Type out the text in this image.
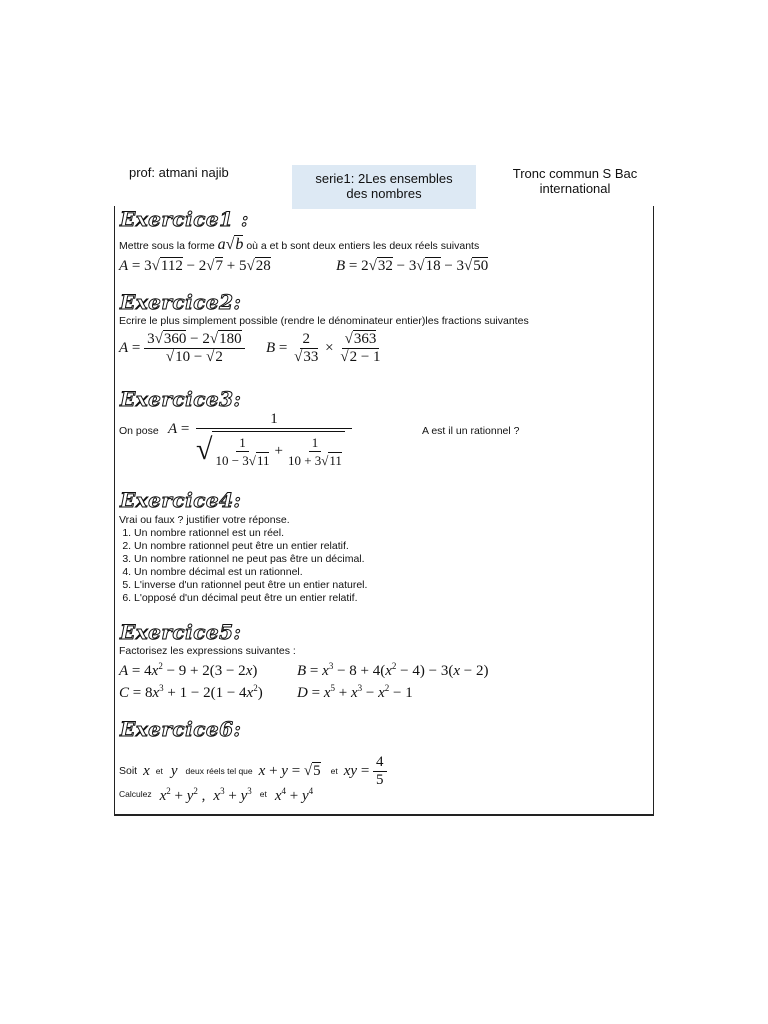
prof: atmani najib	serie1: 2Les ensembles
des nombres
Tronc commun S Bac
international
Exercice1 :
Mettre sous la forme a√b où a et b sont deux entiers les deux réels suivants
A = 3√112 − 2√7 + 5√28	B = 2√32 − 3√18 − 3√50
Exercice2:
Ecrire le plus simplement possible (rendre le dénominateur entier)les fractions suivantes
$A = \frac{3√360 - 2√180}{√10 - √2}$ $B = \frac{2}{√33} \times \frac{√363}{√2 - 1}$
Exercice3:
On pose A =
1
√ $\frac{1}{10 - 3√11} + \frac{1}{10 + 3√11}$
A est il un rationnel ?
Exercice4:
Vrai ou faux ? justifier votre réponse.
1. Un nombre rationnel est un réel.
2. Un nombre rationnel peut être un entier relatif.
3. Un nombre rationnel ne peut pas être un décimal.
4. Un nombre décimal est un rationnel.
5. L'inverse d'un rationnel peut être un entier naturel.
6. L'opposé d'un décimal peut être un entier relatif.
Exercice5:
Factorisez les expressions suivantes :
$A = 4x^2 - 9 + 2(3 - 2x)$	$B = x^3 - 8 + 4(x^2 - 4) - 3(x - 2)$
$C = 8x^3 + 1 - 2(1 - 4x^2) D = x^5 + x^3 - x^2 - 1$
Exercice6:
Soit x et y deux réels tel que x + y = √5 et xy = $\frac{4}{5}$
Calculez $x^2 + y^2$ , $x^3 + y^3$ et $x^4 + y^4$
